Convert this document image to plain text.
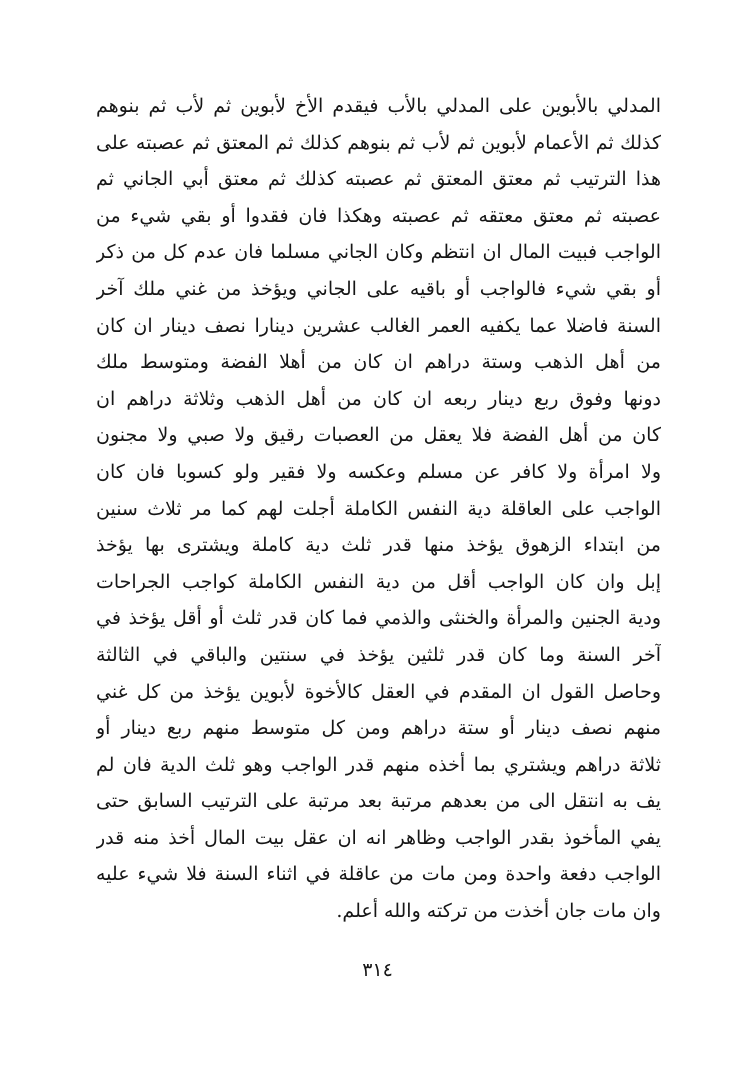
المدلي بالأبوين على المدلي بالأب فيقدم الأخ لأبوين ثم لأب ثم بنوهم
كذلك ثم الأعمام لأبوين ثم لأب ثم بنوهم كذلك ثم المعتق ثم عصبته على
هذا الترتيب ثم معتق المعتق ثم عصبته كذلك ثم معتق أبي الجاني ثم
عصبته ثم معتق معتقه ثم عصبته وهكذا فان فقدوا أو بقي شيء من
الواجب فبيت المال ان انتظم وكان الجاني مسلما فان عدم كل من ذكر
أو بقي شيء فالواجب أو باقيه على الجاني ويؤخذ من غني ملك آخر
السنة فاضلا عما يكفيه العمر الغالب عشرين دينارا نصف دينار ان كان
من أهل الذهب وستة دراهم ان كان من أهلا الفضة ومتوسط ملك
دونها وفوق ربع دينار ربعه ان كان من أهل الذهب وثلاثة دراهم ان
كان من أهل الفضة فلا يعقل من العصبات رقيق ولا صبي ولا مجنون
ولا امرأة ولا كافر عن مسلم وعكسه ولا فقير ولو كسوبا فان كان
الواجب على العاقلة دية النفس الكاملة أجلت لهم كما مر ثلاث سنين
من ابتداء الزهوق يؤخذ منها قدر ثلث دية كاملة ويشترى بها يؤخذ
إبل وان كان الواجب أقل من دية النفس الكاملة كواجب الجراحات
ودية الجنين والمرأة والخنثى والذمي فما كان قدر ثلث أو أقل يؤخذ في
آخر السنة وما كان قدر ثلثين يؤخذ في سنتين والباقي في الثالثة
وحاصل القول ان المقدم في العقل كالأخوة لأبوين يؤخذ من كل غني
منهم نصف دينار أو ستة دراهم ومن كل متوسط منهم ربع دينار أو
ثلاثة دراهم ويشتري بما أخذه منهم قدر الواجب وهو ثلث الدية فان لم
يف به انتقل الى من بعدهم مرتبة بعد مرتبة على الترتيب السابق حتى
يفي المأخوذ بقدر الواجب وظاهر انه ان عقل بيت المال أخذ منه قدر
الواجب دفعة واحدة ومن مات من عاقلة في اثناء السنة فلا شيء عليه
وان مات جان أخذت من تركته والله أعلم.
٣١٤
